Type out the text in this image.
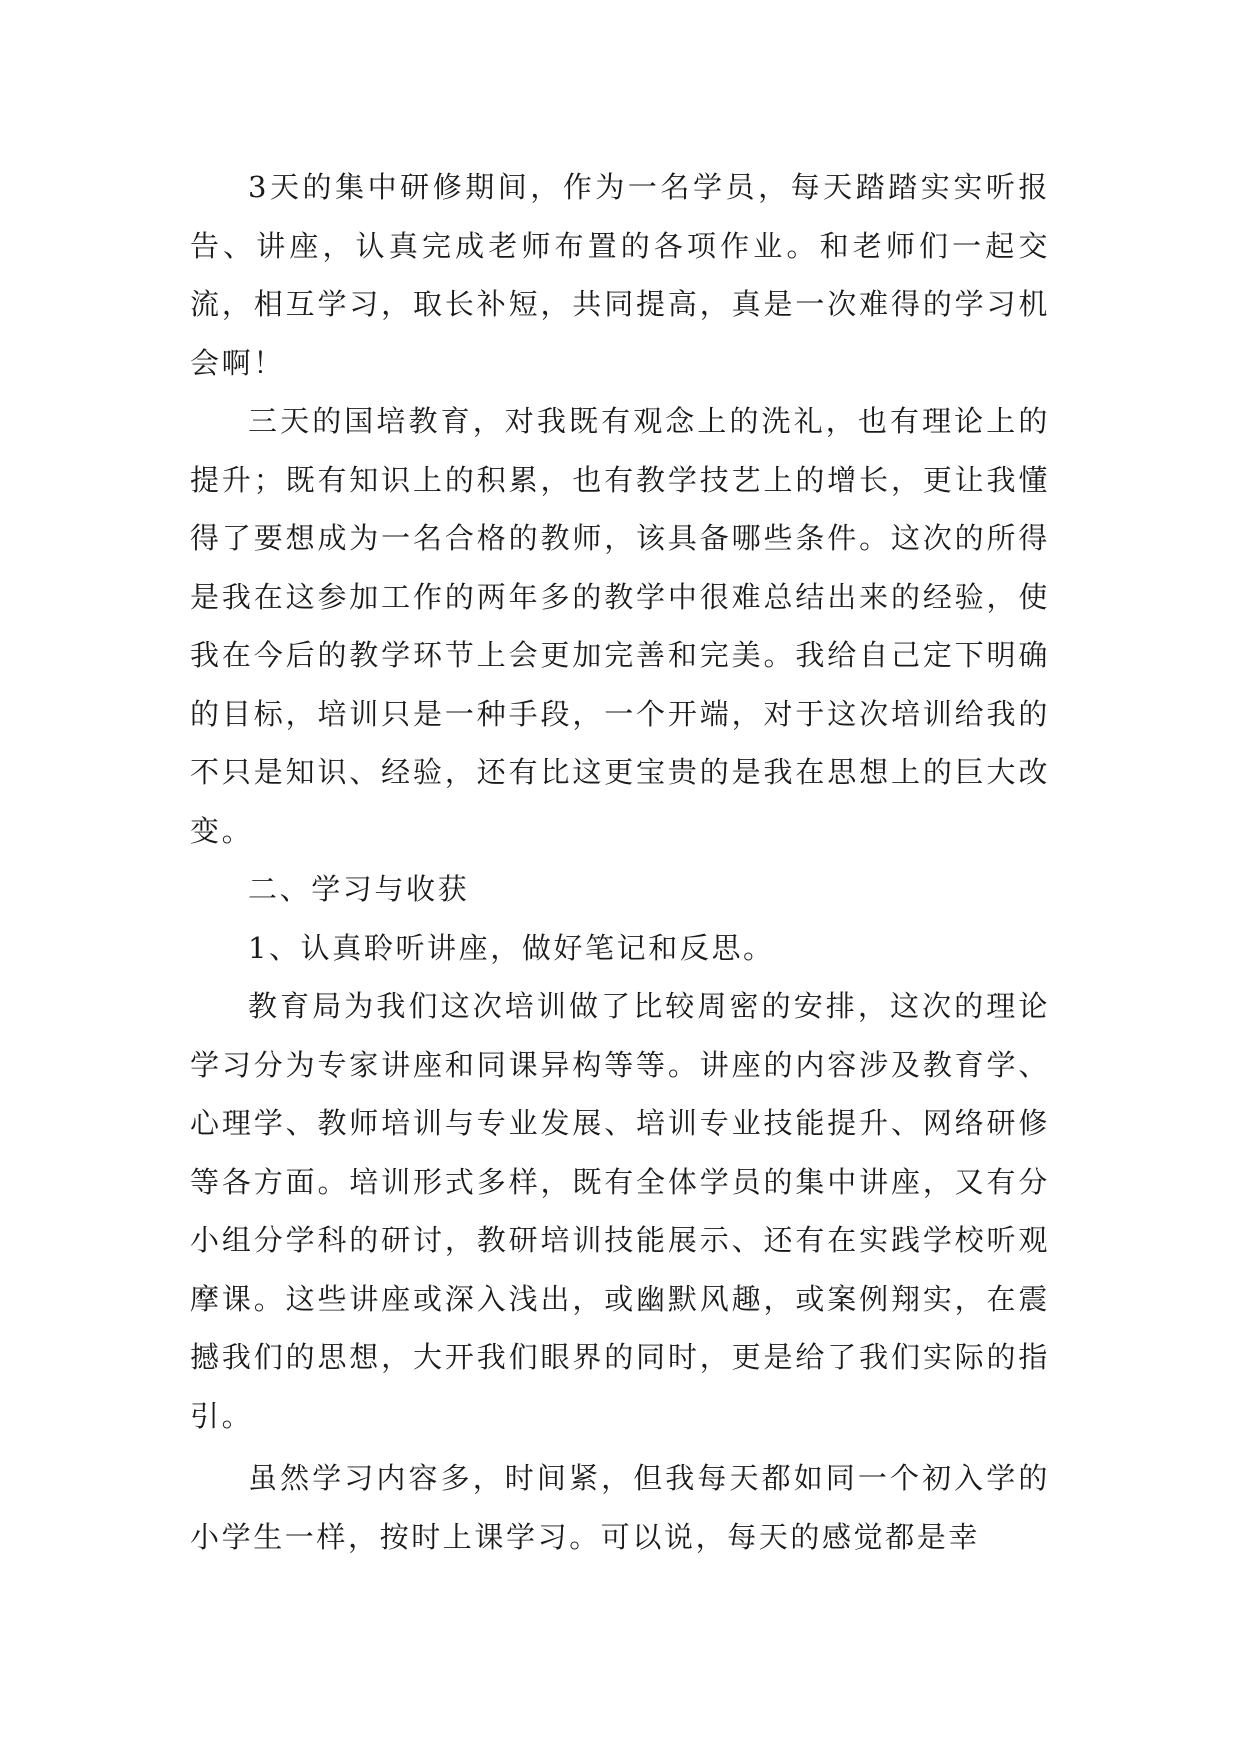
3天的集中研修期间，作为一名学员，每天踏踏实实听报告、讲座，认真完成老师布置的各项作业。和老师们一起交流，相互学习，取长补短，共同提高，真是一次难得的学习机会啊！

三天的国培教育，对我既有观念上的洗礼，也有理论上的提升；既有知识上的积累，也有教学技艺上的增长，更让我懂得了要想成为一名合格的教师，该具备哪些条件。这次的所得是我在这参加工作的两年多的教学中很难总结出来的经验，使我在今后的教学环节上会更加完善和完美。我给自己定下明确的目标，培训只是一种手段，一个开端，对于这次培训给我的不只是知识、经验，还有比这更宝贵的是我在思想上的巨大改变。

二、学习与收获

1、认真聆听讲座，做好笔记和反思。

教育局为我们这次培训做了比较周密的安排，这次的理论学习分为专家讲座和同课异构等等。讲座的内容涉及教育学、心理学、教师培训与专业发展、培训专业技能提升、网络研修等各方面。培训形式多样，既有全体学员的集中讲座，又有分小组分学科的研讨，教研培训技能展示、还有在实践学校听观摩课。这些讲座或深入浅出，或幽默风趣，或案例翔实，在震撼我们的思想，大开我们眼界的同时，更是给了我们实际的指引。

虽然学习内容多，时间紧，但我每天都如同一个初入学的小学生一样，按时上课学习。可以说，每天的感觉都是幸
